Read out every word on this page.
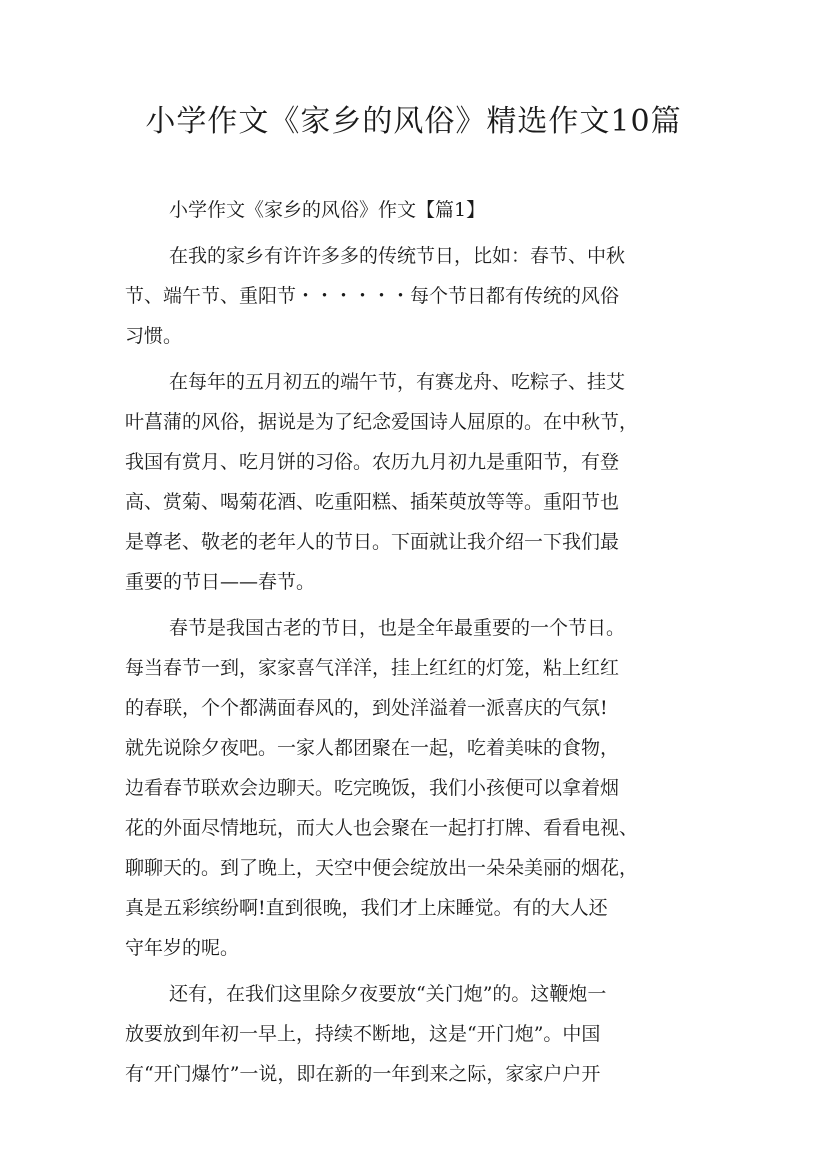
小学作文《家乡的风俗》精选作文10篇

小学作文《家乡的风俗》作文【篇1】

在我的家乡有许许多多的传统节日，比如：春节、中秋
节、端午节、重阳节・・・・・・每个节日都有传统的风俗
习惯。

在每年的五月初五的端午节，有赛龙舟、吃粽子、挂艾
叶菖蒲的风俗，据说是为了纪念爱国诗人屈原的。在中秋节，
我国有赏月、吃月饼的习俗。农历九月初九是重阳节，有登
高、赏菊、喝菊花酒、吃重阳糕、插茱萸放等等。重阳节也
是尊老、敬老的老年人的节日。下面就让我介绍一下我们最
重要的节日——春节。

春节是我国古老的节日，也是全年最重要的一个节日。
每当春节一到，家家喜气洋洋，挂上红红的灯笼，粘上红红
的春联，个个都满面春风的，到处洋溢着一派喜庆的气氛!
就先说除夕夜吧。一家人都团聚在一起，吃着美味的食物，
边看春节联欢会边聊天。吃完晚饭，我们小孩便可以拿着烟
花的外面尽情地玩，而大人也会聚在一起打打牌、看看电视、
聊聊天的。到了晚上，天空中便会绽放出一朵朵美丽的烟花，
真是五彩缤纷啊!直到很晚，我们才上床睡觉。有的大人还
守年岁的呢。

还有，在我们这里除夕夜要放“关门炮”的。这鞭炮一
放要放到年初一早上，持续不断地，这是“开门炮”。中国
有“开门爆竹”一说，即在新的一年到来之际，家家户户开
